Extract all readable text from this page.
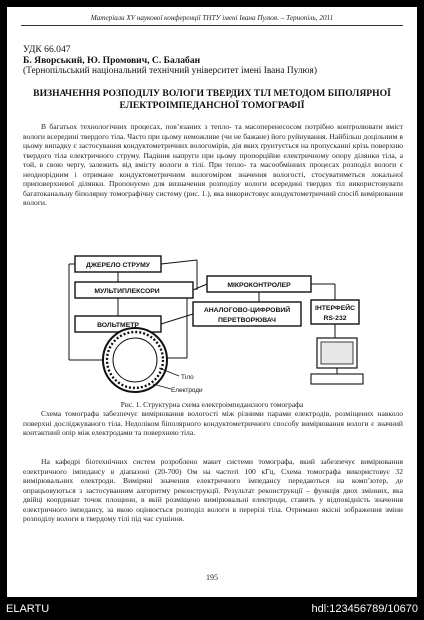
Матеріали XV наукової конференції ТНТУ імені Івана Пулюя. – Тернопіль, 2011
УДК 66.047
Б. Яворський, Ю. Промович, С. Балабан
(Тернопільський національний технічний університет імені Івана Пулюя)
ВИЗНАЧЕННЯ РОЗПОДІЛУ ВОЛОГИ ТВЕРДИХ ТІЛ МЕТОДОМ БІПОЛЯРНОЇ ЕЛЕКТРОІМПЕДАНСНОЇ ТОМОГРАФІЇ
В багатьох технологічних процесах, пов’язаних з тепло- та масоперенесосом потрібно контролювати вміст вологи всередині твердого тіла. Часто при цьому неможливе (чи не бажане) його руйнування. Найбільш доцільним в цьому випадку є застосування кондуктометричних вологомірів, дія яких ґрунтується на пропусканні крізь поверхню твердого тіла електричного струму. Падіння напруги при цьому пропорційне електричному опору ділянки тіла, а той, в свою чергу, залежить від вмісту вологи в тілі. При тепло- та масообмінних процесах розподіл вологи є неоднорідним і отримане кондуктометричним вологоміром значення вологості, стосуватиметься локальної приповерхневої ділянки. Пропонуємо для визначення розподілу вологи всередині твердих тіл використовувати багатоканальну біполярну томографічну систему (рис. 1.), яка використовує кондуктометричний спосіб вимірювання вологи.
ДЖЕРЕЛО СТРУМУ
МУЛЬТИПЛЕКСОРИ
ВОЛЬТМЕТР
МІКРОКОНТРОЛЕР
АНАЛОГОВО-ЦИФРОВИЙ
ПЕРЕТВОРЮВАЧ
ІНТЕРФЕЙС
RS-232
Тіло
Електроди
Рис. 1. Структурна схема електроімпедансного томографа
Схема томографа забезпечує вимірювання вологості між різними парами електродів, розміщених навколо поверхні досліджуваного тіла. Недоліком біполярного кондуктометричного способу вимірювання вологи є значний контактний опір між електродами та поверхнею тіла.
На кафедрі біотехнічних систем розроблено макет системи томографа, який забезпечує вимірювання електричного імпедансу в діапазоні (20-700) Ом на частоті 100 кГц. Схема томографа використовує 32 вимірювальних електроди. Виміряні значення електричного імпедансу передаються на комп’ютер, де опрацьовуються з застосуванням алгоритму реконструкції. Результат реконструкції – функція двох змінних, яка двійці координат точок площини, в якій розміщено вимірювальні електроди, ставить у відповідність значення електричного імпедансу, за якою оцінюється розподіл вологи в перерізі тіла. Отримано якісні зображення зміни розподілу вологи в твердому тілі під час сушіння.
195
ELARTU	hdl:123456789/10670
